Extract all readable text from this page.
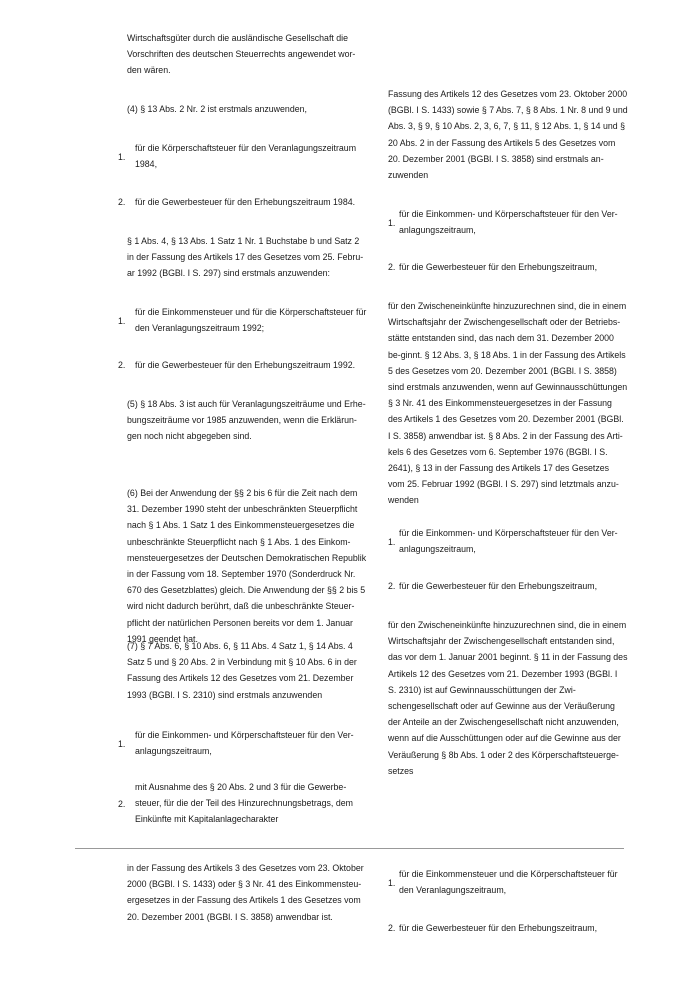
Wirtschaftsgüter durch die ausländische Gesellschaft die Vorschriften des deutschen Steuerrechts angewendet wor-den wären.

(4) § 13 Abs. 2 Nr. 2 ist erstmals anzuwenden,

1.
für die Körperschaftsteuer für den Veranlagungszeitraum 1984,
2. für die Gewerbesteuer für den Erhebungszeitraum 1984.

§ 1 Abs. 4, § 13 Abs. 1 Satz 1 Nr. 1 Buchstabe b und Satz 2 in der Fassung des Artikels 17 des Gesetzes vom 25. Febru-ar 1992 (BGBl. I S. 297) sind erstmals anzuwenden:

1.
für die Einkommensteuer und für die Körperschaftsteuer für den Veranlagungszeitraum 1992;
2. für die Gewerbesteuer für den Erhebungszeitraum 1992.

(5) § 18 Abs. 3 ist auch für Veranlagungszeiträume und Erhe-bungszeiträume vor 1985 anzuwenden, wenn die Erklärun-gen noch nicht abgegeben sind.

(6) Bei der Anwendung der §§ 2 bis 6 für die Zeit nach dem 31. Dezember 1990 steht der unbeschränkten Steuerpflicht nach § 1 Abs. 1 Satz 1 des Einkommensteuergesetzes die unbeschränkte Steuerpflicht nach § 1 Abs. 1 des Einkom-mensteuergesetzes der Deutschen Demokratischen Republik in der Fassung vom 18. September 1970 (Sonderdruck Nr. 670 des Gesetzblattes) gleich. Die Anwendung der §§ 2 bis 5 wird nicht dadurch berührt, daß die unbeschränkte Steuer-pflicht der natürlichen Personen bereits vor dem 1. Januar 1991 geendet hat.

(7) § 7 Abs. 6, § 10 Abs. 6, § 11 Abs. 4 Satz 1, § 14 Abs. 4 Satz 5 und § 20 Abs. 2 in Verbindung mit § 10 Abs. 6 in der Fassung des Artikels 12 des Gesetzes vom 21. Dezember 1993 (BGBl. I S. 2310) sind erstmals anzuwenden

1.
für die Einkommen- und Körperschaftsteuer für den Ver-anlagungszeitraum,
2.
mit Ausnahme des § 20 Abs. 2 und 3 für die Gewerbe-steuer, für die der Teil des Hinzurechnungsbetrags, dem Einkünfte mit Kapitalanlagecharakter

Fassung des Artikels 12 des Gesetzes vom 23. Oktober 2000 (BGBl. I S. 1433) sowie § 7 Abs. 7, § 8 Abs. 1 Nr. 8 und 9 und Abs. 3, § 9, § 10 Abs. 2, 3, 6, 7, § 11, § 12 Abs. 1, § 14 und § 20 Abs. 2 in der Fassung des Artikels 5 des Gesetzes vom 20. Dezember 2001 (BGBl. I S. 3858) sind erstmals an-zuwenden

1.
für die Einkommen- und Körperschaftsteuer für den Ver-anlagungszeitraum,
2. für die Gewerbesteuer für den Erhebungszeitraum,

für den Zwischeneinkünfte hinzuzurechnen sind, die in einem Wirtschaftsjahr der Zwischengesellschaft oder der Betriebs-stätte entstanden sind, das nach dem 31. Dezember 2000 be-ginnt. § 12 Abs. 3, § 18 Abs. 1 in der Fassung des Artikels 5 des Gesetzes vom 20. Dezember 2001 (BGBl. I S. 3858) sind erstmals anzuwenden, wenn auf Gewinnausschüttungen § 3 Nr. 41 des Einkommensteuergesetzes in der Fassung des Artikels 1 des Gesetzes vom 20. Dezember 2001 (BGBl. I S. 3858) anwendbar ist. § 8 Abs. 2 in der Fassung des Arti-kels 6 des Gesetzes vom 6. September 1976 (BGBl. I S. 2641), § 13 in der Fassung des Artikels 17 des Gesetzes vom 25. Februar 1992 (BGBl. I S. 297) sind letztmals anzu-wenden

1.
für die Einkommen- und Körperschaftsteuer für den Ver-anlagungszeitraum,
2. für die Gewerbesteuer für den Erhebungszeitraum,

für den Zwischeneinkünfte hinzuzurechnen sind, die in einem Wirtschaftsjahr der Zwischengesellschaft entstanden sind, das vor dem 1. Januar 2001 beginnt. § 11 in der Fassung des Artikels 12 des Gesetzes vom 21. Dezember 1993 (BGBl. I S. 2310) ist auf Gewinnausschüttungen der Zwi-schengesellschaft oder auf Gewinne aus der Veräußerung der Anteile an der Zwischengesellschaft nicht anzuwenden, wenn auf die Ausschüttungen oder auf die Gewinne aus der Veräußerung § 8b Abs. 1 oder 2 des Körperschaftsteuerge-setzes

in der Fassung des Artikels 3 des Gesetzes vom 23. Oktober 2000 (BGBl. I S. 1433) oder § 3 Nr. 41 des Einkommensteu-ergesetzes in der Fassung des Artikels 1 des Gesetzes vom 20. Dezember 2001 (BGBl. I S. 3858) anwendbar ist.

1.
für die Einkommensteuer und die Körperschaftsteuer für den Veranlagungszeitraum,
2. für die Gewerbesteuer für den Erhebungszeitraum,
